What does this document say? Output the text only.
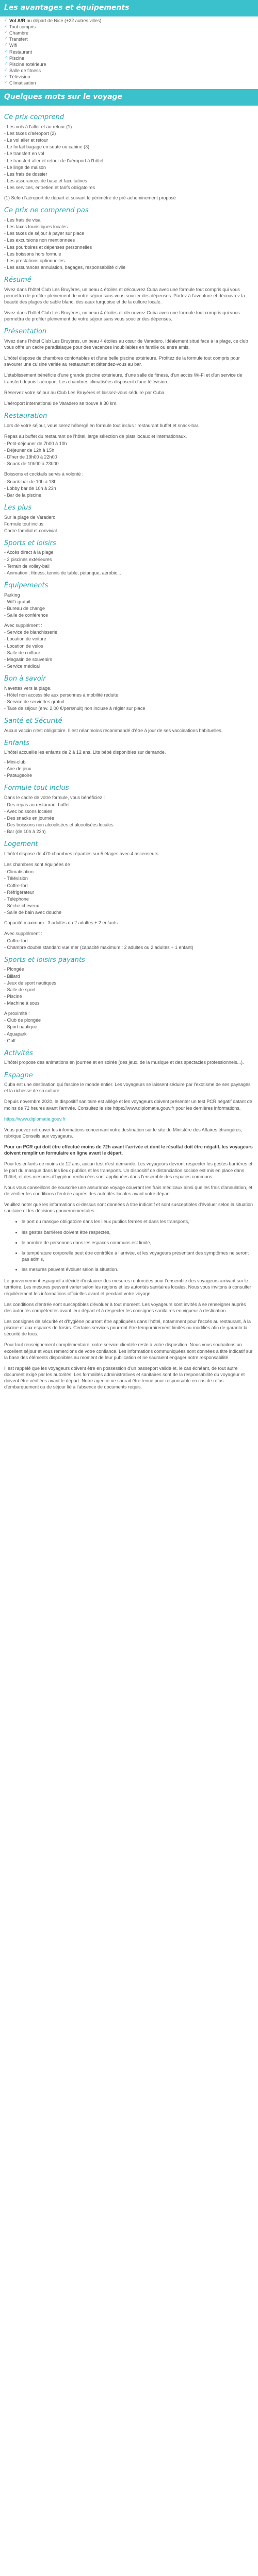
Les avantages et équipements
✓ Vol A/R au départ de Nice (+22 autres villes)
✓ Tout compris
✓ Chambre
✓ Transfert
✓ Wifi
✓ Restaurant
✓ Piscine
✓ Piscine extérieure
✓ Salle de fitness
✓ Télévision
✓ Climatisation
Quelques mots sur le voyage
Ce prix comprend
- Les vols à l'aller et au retour (1)
- Les taxes d'aéroport (2)
- Le vol aller et retour
- Le forfait bagage en soute ou cabine (3)
- Le transfert en vol
- Le transfert aller et retour de l'aéroport à l'hôtel
- Le linge de maison
- Les frais de dossier
- Les assurances de base et facultatives
- Les services, entretien et tarifs obligatoires

(1) Selon l'aéroport de départ et suivant le périmètre de pré-acheminement proposé

Ce prix ne comprend pas
- Les frais de visa
- Les taxes touristiques locales
- Les taxes de séjour à payer sur place
- Les excursions non mentionnées
- Les pourboires et dépenses personnelles
- Les boissons hors formule
- Les prestations optionnelles
- Les assurances annulation, bagages, responsabilité civile
Résumé

Vivez dans l'hôtel Club Les Bruyères, un beau 4 étoiles et découvrez Cuba avec une formule tout compris qui vous permettra de profiter pleinement de votre séjour sans vous soucier des dépenses. Partez à l'aventure et découvrez la beauté des plages de sable blanc, des eaux turquoise et de la culture locale.

Vivez dans l'hôtel Club Les Bruyères, un beau 4 étoiles et découvrez Cuba avec une formule tout compris qui vous permettra de profiter pleinement de votre séjour sans vous soucier des dépenses.

Présentation

Vivez dans l'hôtel Club Les Bruyères, un beau 4 étoiles au cœur de Varadero. Idéalement situé face à la plage, ce club vous offre un cadre paradisiaque pour des vacances inoubliables en famille ou entre amis.

L'hôtel dispose de chambres confortables et d'une belle piscine extérieure. Profitez de la formule tout compris pour savourer une cuisine variée au restaurant et détendez-vous au bar.

L'établissement bénéficie d'une grande piscine extérieure, d'une salle de fitness, d'un accès Wi-Fi et d'un service de transfert depuis l'aéroport. Les chambres climatisées disposent d'une télévision.

Réservez votre séjour au Club Les Bruyères et laissez-vous séduire par Cuba.

L'aéroport international de Varadero se trouve à 30 km.

Restauration

Lors de votre séjour, vous serez hébergé en formule tout inclus : restaurant buffet et snack-bar.

Repas au buffet du restaurant de l'hôtel, large sélection de plats locaux et internationaux.

- Petit-déjeuner de 7h00 à 10h
- Déjeuner de 12h à 15h
- Dîner de 19h00 à 22h00
- Snack de 10h00 à 23h00

Boissons et cocktails servis à volonté :

- Snack-bar de 10h à 18h
- Lobby bar de 10h à 23h
- Bar de la piscine
Les plus
Sur la plage de Varadero
Formule tout inclus
Cadre familial et convivial
Sports et loisirs
- Accès direct à la plage
- 2 piscines extérieures
- Terrain de volley-ball
- Animation : fitness, tennis de table, pétanque, aérobic...
Équipements
Parking
- WiFi gratuit
- Bureau de change
- Salle de conférence
Avec supplément :
- Service de blanchisserie
- Location de voiture
- Location de vélos
- Salle de coiffure
- Magasin de souvenirs
- Service médical
Bon à savoir
Navettes vers la plage.
- Hôtel non accessible aux personnes à mobilité réduite
- Service de serviettes gratuit
- Taxe de séjour (env. 2,00 €/pers/nuit) non incluse à régler sur place
Santé et Sécurité

Aucun vaccin n'est obligatoire. Il est néanmoins recommandé d'être à jour de ses vaccinations habituelles.

Enfants

L'hôtel accueille les enfants de 2 à 12 ans. Lits bébé disponibles sur demande.

- Mini-club
- Aire de jeux
- Pataugeoire
Formule tout inclus

Dans le cadre de votre formule, vous bénéficiez :

- Des repas au restaurant buffet
- Avec boissons locales
- Des snacks en journée
- Des boissons non alcoolisées et alcoolisées locales
- Bar (de 10h à 23h)
Logement

L'hôtel dispose de 470 chambres réparties sur 5 étages avec 4 ascenseurs.

Les chambres sont équipées de :

- Climatisation
- Télévision
- Coffre-fort
- Réfrigérateur
- Téléphone
- Sèche-cheveux
- Salle de bain avec douche

Capacité maximum : 3 adultes ou 2 adultes + 2 enfants

Avec supplément :
- Coffre-fort
- Chambre double standard vue mer (capacité maximum : 2 adultes ou 2 adultes + 1 enfant)
Sports et loisirs payants
- Plongée
- Billard
- Jeux de sport nautiques
- Salle de sport
- Piscine
- Machine à sous
A proximité :
- Club de plongée
- Sport nautique
- Aquapark
- Golf
Activités

L'hôtel propose des animations en journée et en soirée (des jeux, de la musique et des spectacles professionnels...).

Espagne

Cuba est une destination qui fascine le monde entier. Les voyageurs se laissent séduire par l'exotisme de ses paysages et la richesse de sa culture.

Depuis novembre 2020, le dispositif sanitaire est allégé et les voyageurs doivent présenter un test PCR négatif datant de moins de 72 heures avant l'arrivée. Consultez le site https://www.diplomatie.gouv.fr pour les dernières informations.

https://www.diplomatie.gouv.fr

Vous pouvez retrouver les informations concernant votre destination sur le site du Ministère des Affaires étrangères, rubrique Conseils aux voyageurs.

Pour un PCR qui doit être effectué moins de 72h avant l'arrivée et dont le résultat doit être négatif, les voyageurs doivent remplir un formulaire en ligne avant le départ.

Pour les enfants de moins de 12 ans, aucun test n'est demandé. Les voyageurs devront respecter les gestes barrières et le port du masque dans les lieux publics et les transports. Un dispositif de distanciation sociale est mis en place dans l'hôtel, et des mesures d'hygiène renforcées sont appliquées dans l'ensemble des espaces communs.

Nous vous conseillons de souscrire une assurance voyage couvrant les frais médicaux ainsi que les frais d'annulation, et de vérifier les conditions d'entrée auprès des autorités locales avant votre départ.

Veuillez noter que les informations ci-dessus sont données à titre indicatif et sont susceptibles d'évoluer selon la situation sanitaire et les décisions gouvernementales :

• le port du masque obligatoire dans les lieux publics fermés et dans les transports,
• les gestes barrières doivent être respectés,
• le nombre de personnes dans les espaces communs est limité,
• la température corporelle peut être contrôlée à l'arrivée, et les voyageurs présentant des symptômes ne seront pas admis,
• les mesures peuvent évoluer selon la situation.

Le gouvernement espagnol a décidé d'instaurer des mesures renforcées pour l'ensemble des voyageurs arrivant sur le territoire. Les mesures peuvent varier selon les régions et les autorités sanitaires locales. Nous vous invitons à consulter régulièrement les informations officielles avant et pendant votre voyage.

Les conditions d'entrée sont susceptibles d'évoluer à tout moment. Les voyageurs sont invités à se renseigner auprès des autorités compétentes avant leur départ et à respecter les consignes sanitaires en vigueur à destination.

Les consignes de sécurité et d'hygiène pourront être appliquées dans l'hôtel, notamment pour l'accès au restaurant, à la piscine et aux espaces de loisirs. Certains services pourront être temporairement limités ou modifiés afin de garantir la sécurité de tous.

Pour tout renseignement complémentaire, notre service clientèle reste à votre disposition. Nous vous souhaitons un excellent séjour et vous remercions de votre confiance. Les informations communiquées sont données à titre indicatif sur la base des éléments disponibles au moment de leur publication et ne sauraient engager notre responsabilité.

Il est rappelé que les voyageurs doivent être en possession d'un passeport valide et, le cas échéant, de tout autre document exigé par les autorités. Les formalités administratives et sanitaires sont de la responsabilité du voyageur et doivent être vérifiées avant le départ. Notre agence ne saurait être tenue pour responsable en cas de refus d'embarquement ou de séjour lié à l'absence de documents requis.
